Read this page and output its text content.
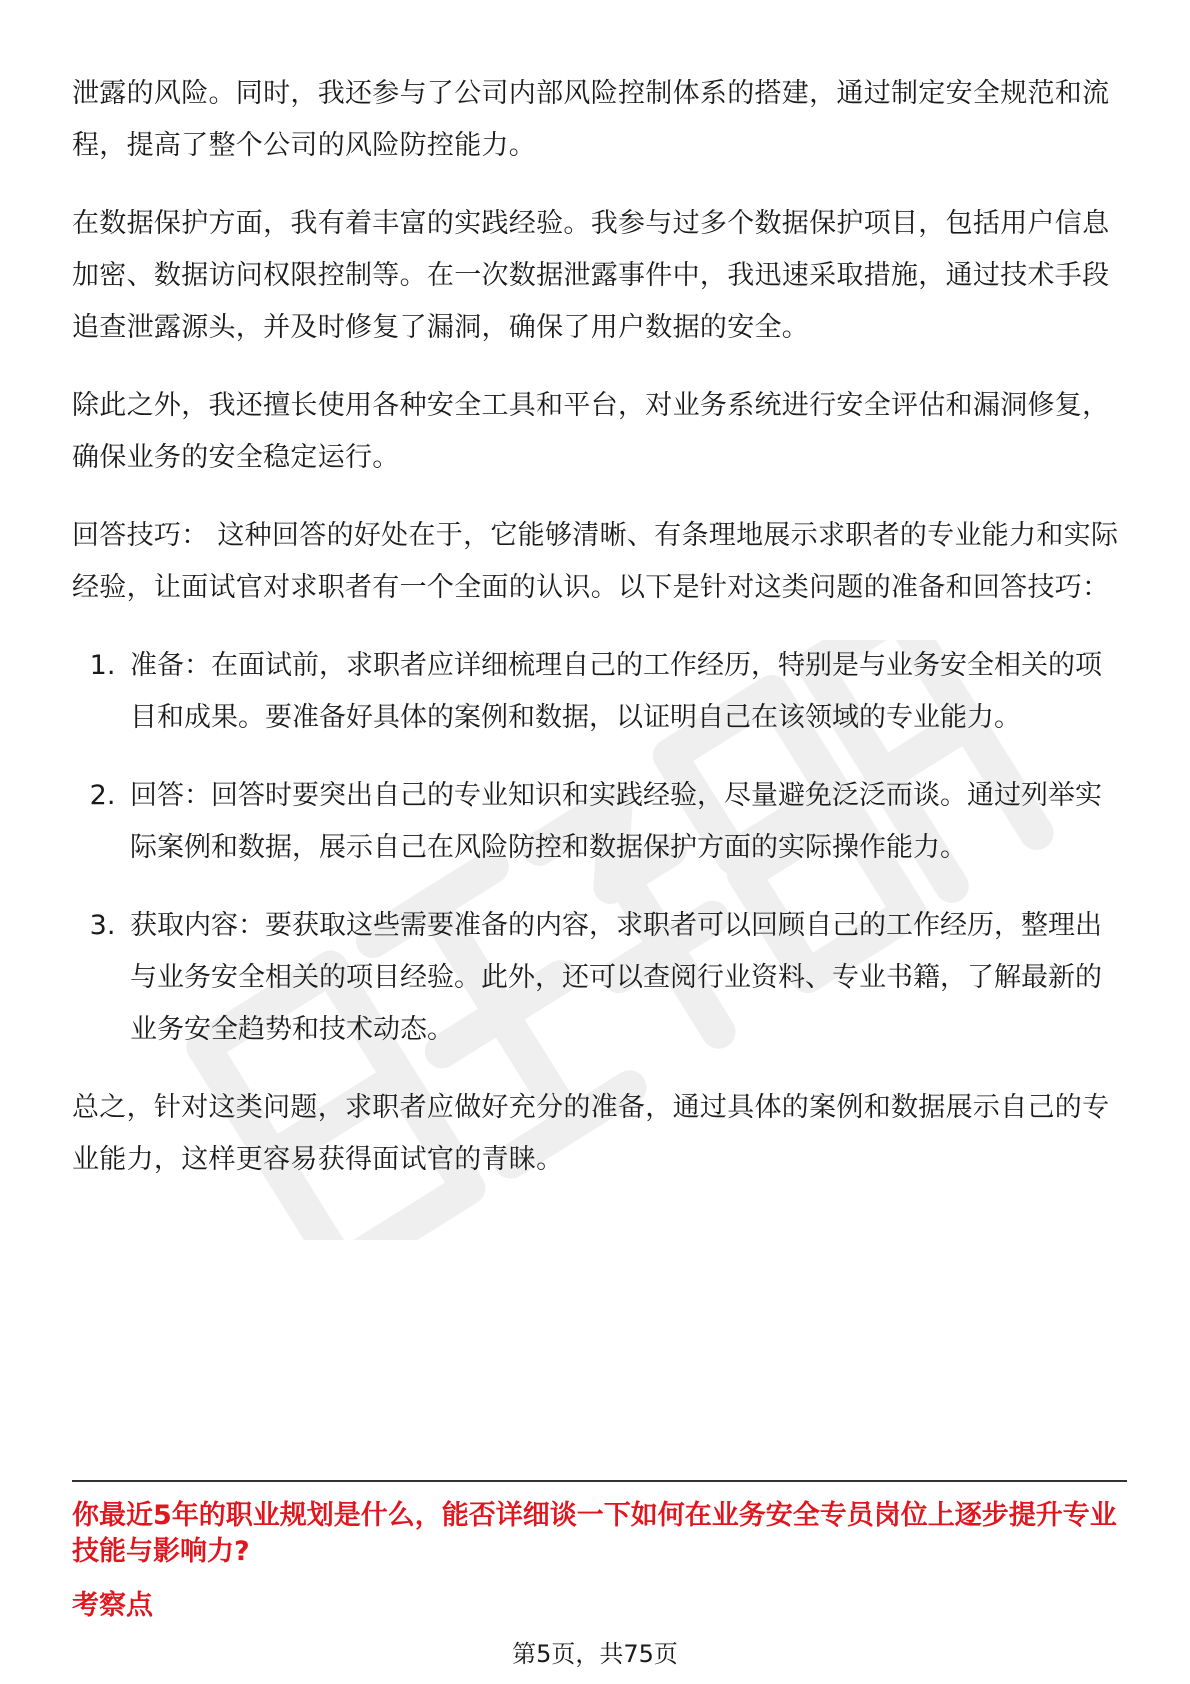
泄露的风险。同时，我还参与了公司内部风险控制体系的搭建，通过制定安全规范和流程，提高了整个公司的风险防控能力。

在数据保护方面，我有着丰富的实践经验。我参与过多个数据保护项目，包括用户信息加密、数据访问权限控制等。在一次数据泄露事件中，我迅速采取措施，通过技术手段追查泄露源头，并及时修复了漏洞，确保了用户数据的安全。

除此之外，我还擅长使用各种安全工具和平台，对业务系统进行安全评估和漏洞修复，确保业务的安全稳定运行。

回答技巧： 这种回答的好处在于，它能够清晰、有条理地展示求职者的专业能力和实际经验，让面试官对求职者有一个全面的认识。以下是针对这类问题的准备和回答技巧：

1. 准备：在面试前，求职者应详细梳理自己的工作经历，特别是与业务安全相关的项目和成果。要准备好具体的案例和数据，以证明自己在该领域的专业能力。
2. 回答：回答时要突出自己的专业知识和实践经验，尽量避免泛泛而谈。通过列举实际案例和数据，展示自己在风险防控和数据保护方面的实际操作能力。
3. 获取内容：要获取这些需要准备的内容，求职者可以回顾自己的工作经历，整理出与业务安全相关的项目经验。此外，还可以查阅行业资料、专业书籍，了解最新的业务安全趋势和技术动态。

总之，针对这类问题，求职者应做好充分的准备，通过具体的案例和数据展示自己的专业能力，这样更容易获得面试官的青睐。

你最近5年的职业规划是什么，能否详细谈一下如何在业务安全专员岗位上逐步提升专业技能与影响力?
考察点
第5页，共75页
